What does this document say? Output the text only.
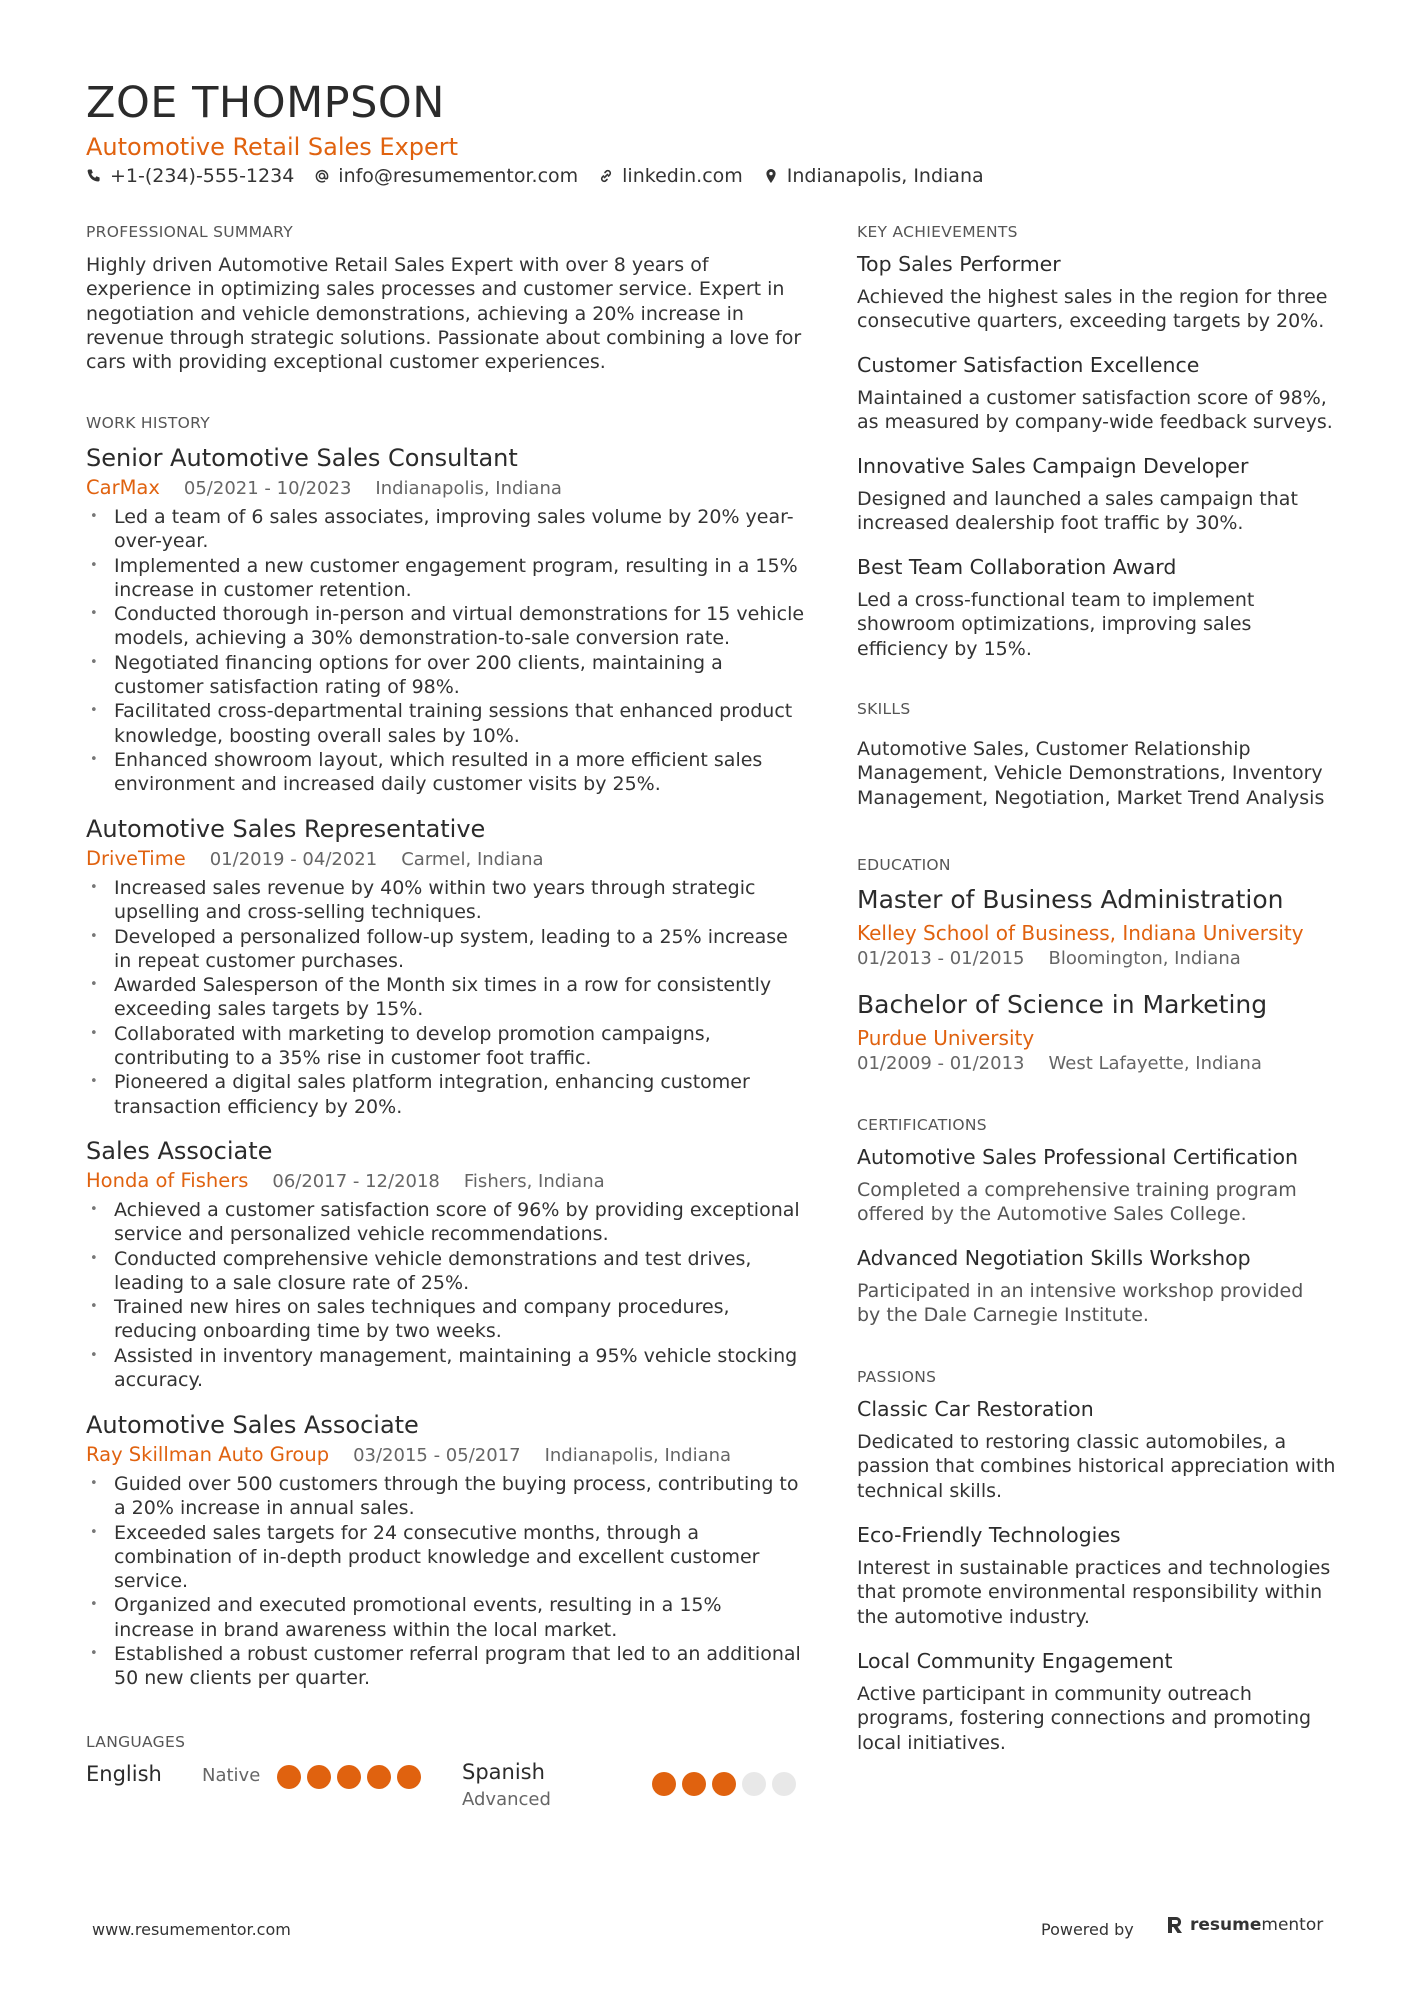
ZOE THOMPSON
Automotive Retail Sales Expert
+1-(234)-555-1234 info@resumementor.com linkedin.com Indianapolis, Indiana
PROFESSIONAL SUMMARY
Highly driven Automotive Retail Sales Expert with over 8 years of experience in optimizing sales processes and customer service. Expert in negotiation and vehicle demonstrations, achieving a 20% increase in revenue through strategic solutions. Passionate about combining a love for cars with providing exceptional customer experiences.
WORK HISTORY
Senior Automotive Sales Consultant
CarMax 05/2021 - 10/2023 Indianapolis, Indiana
• Led a team of 6 sales associates, improving sales volume by 20% year-over-year.
• Implemented a new customer engagement program, resulting in a 15% increase in customer retention.
• Conducted thorough in-person and virtual demonstrations for 15 vehicle models, achieving a 30% demonstration-to-sale conversion rate.
• Negotiated financing options for over 200 clients, maintaining a customer satisfaction rating of 98%.
• Facilitated cross-departmental training sessions that enhanced product knowledge, boosting overall sales by 10%.
• Enhanced showroom layout, which resulted in a more efficient sales environment and increased daily customer visits by 25%.
Automotive Sales Representative
DriveTime 01/2019 - 04/2021 Carmel, Indiana
• Increased sales revenue by 40% within two years through strategic upselling and cross-selling techniques.
• Developed a personalized follow-up system, leading to a 25% increase in repeat customer purchases.
• Awarded Salesperson of the Month six times in a row for consistently exceeding sales targets by 15%.
• Collaborated with marketing to develop promotion campaigns, contributing to a 35% rise in customer foot traffic.
• Pioneered a digital sales platform integration, enhancing customer transaction efficiency by 20%.
Sales Associate
Honda of Fishers 06/2017 - 12/2018 Fishers, Indiana
• Achieved a customer satisfaction score of 96% by providing exceptional service and personalized vehicle recommendations.
• Conducted comprehensive vehicle demonstrations and test drives, leading to a sale closure rate of 25%.
• Trained new hires on sales techniques and company procedures, reducing onboarding time by two weeks.
• Assisted in inventory management, maintaining a 95% vehicle stocking accuracy.
Automotive Sales Associate
Ray Skillman Auto Group 03/2015 - 05/2017 Indianapolis, Indiana
• Guided over 500 customers through the buying process, contributing to a 20% increase in annual sales.
• Exceeded sales targets for 24 consecutive months, through a combination of in-depth product knowledge and excellent customer service.
• Organized and executed promotional events, resulting in a 15% increase in brand awareness within the local market.
• Established a robust customer referral program that led to an additional 50 new clients per quarter.
LANGUAGES
English Native	Spanish
Advanced
KEY ACHIEVEMENTS
Top Sales Performer
Achieved the highest sales in the region for three consecutive quarters, exceeding targets by 20%.
Customer Satisfaction Excellence
Maintained a customer satisfaction score of 98%, as measured by company-wide feedback surveys.
Innovative Sales Campaign Developer
Designed and launched a sales campaign that increased dealership foot traffic by 30%.
Best Team Collaboration Award
Led a cross-functional team to implement showroom optimizations, improving sales efficiency by 15%.
SKILLS
Automotive Sales, Customer Relationship Management, Vehicle Demonstrations, Inventory Management, Negotiation, Market Trend Analysis
EDUCATION
Master of Business Administration
Kelley School of Business, Indiana University
01/2013 - 01/2015 Bloomington, Indiana
Bachelor of Science in Marketing
Purdue University
01/2009 - 01/2013 West Lafayette, Indiana
CERTIFICATIONS
Automotive Sales Professional Certification
Completed a comprehensive training program offered by the Automotive Sales College.
Advanced Negotiation Skills Workshop
Participated in an intensive workshop provided by the Dale Carnegie Institute.
PASSIONS
Classic Car Restoration
Dedicated to restoring classic automobiles, a passion that combines historical appreciation with technical skills.
Eco-Friendly Technologies
Interest in sustainable practices and technologies that promote environmental responsibility within the automotive industry.
Local Community Engagement
Active participant in community outreach programs, fostering connections and promoting local initiatives.
www.resumementor.com	Powered by	resumementor
